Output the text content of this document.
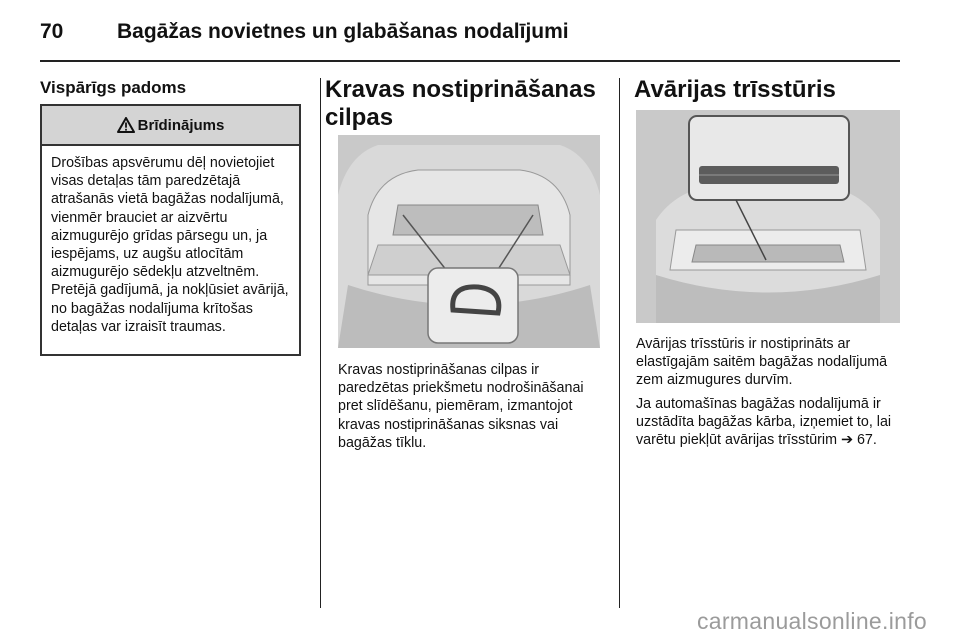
70	Bagāžas novietnes un glabāšanas nodalījumi
Vispārīgs padoms
Brīdinājums
Drošības apsvērumu dēļ novietojiet visas detaļas tām paredzētajā atrašanās vietā bagāžas nodalījumā, vienmēr brauciet ar aizvērtu aizmugurējo grīdas pārsegu un, ja iespējams, uz augšu atlocītām aizmugurējo sēdekļu atzveltnēm. Pretējā gadījumā, ja nokļūsiet avārijā, no bagāžas nodalījuma krītošas detaļas var izraisīt traumas.
Kravas nostiprināšanas cilpas
Kravas nostiprināšanas cilpas ir paredzētas priekšmetu nodrošināšanai pret slīdēšanu, piemēram, izmantojot kravas nostiprināšanas siksnas vai bagāžas tīklu.
Avārijas trīsstūris
Avārijas trīsstūris ir nostiprināts ar elastīgajām saitēm bagāžas nodalījumā zem aizmugures durvīm.
Ja automašīnas bagāžas nodalījumā ir uzstādīta bagāžas kārba, izņemiet to, lai varētu piekļūt avārijas trīsstūrim ➔ 67.
carmanualsonline.info
